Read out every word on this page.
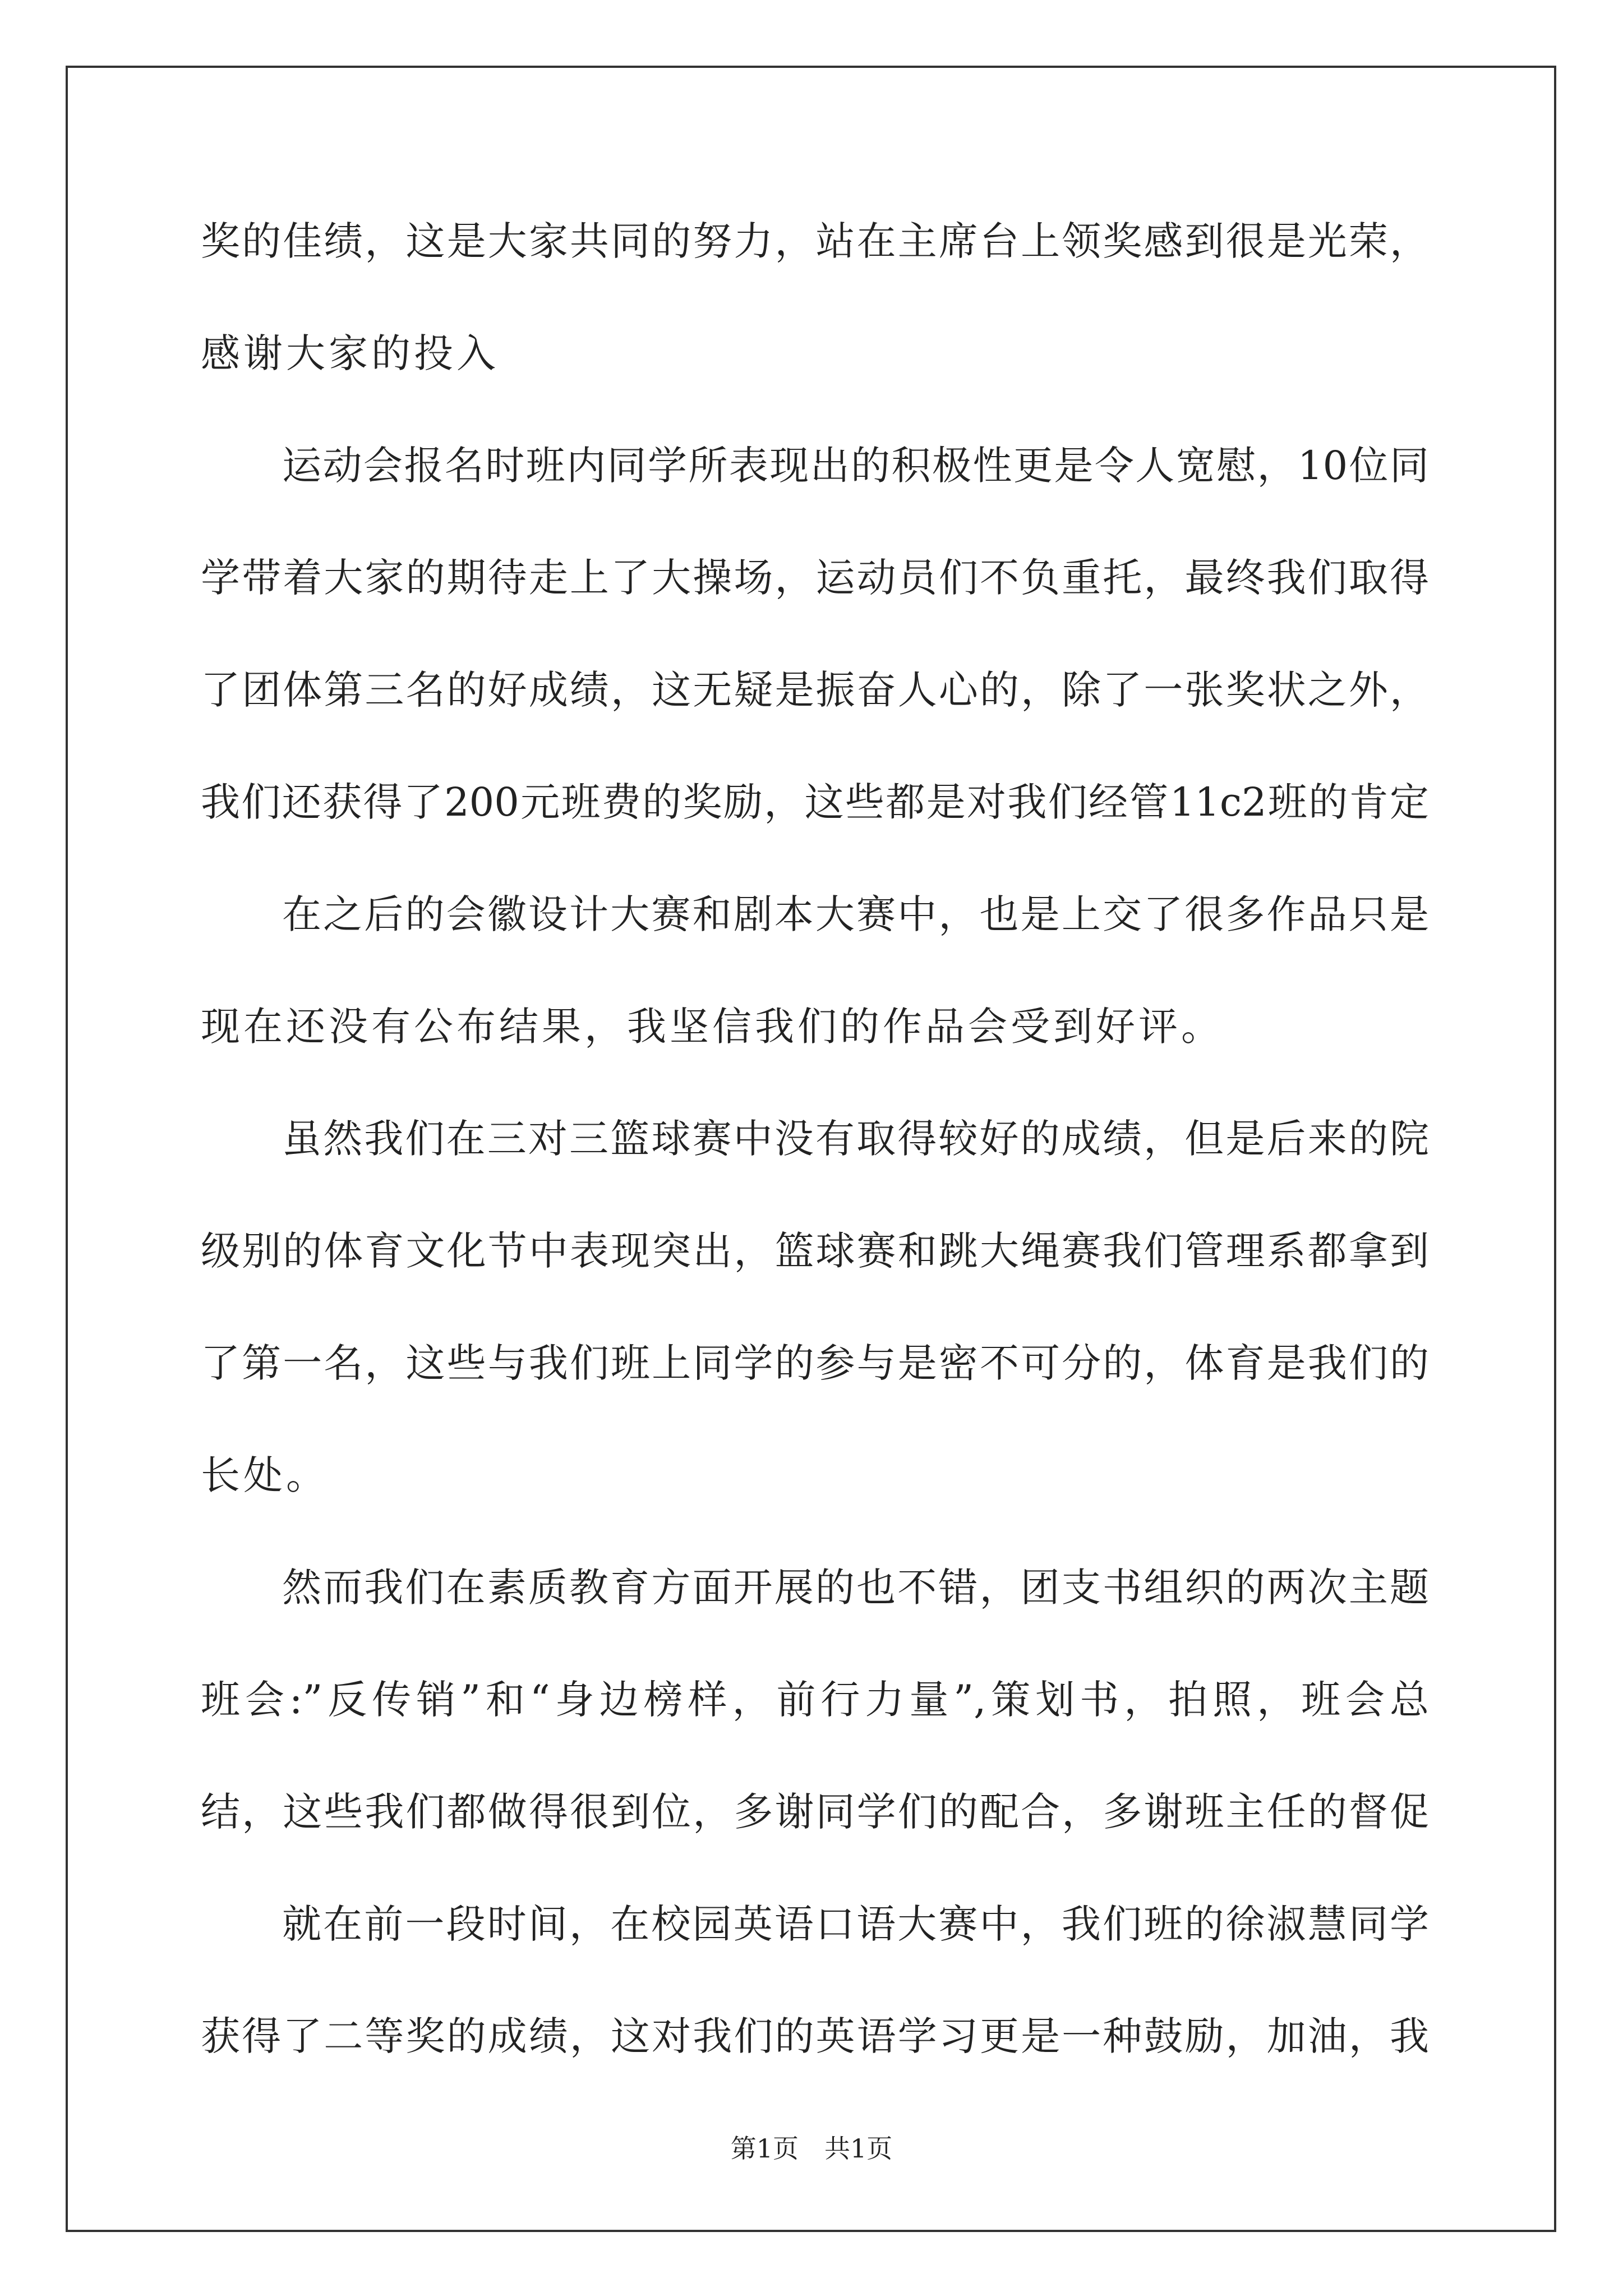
奖的佳绩，这是大家共同的努力，站在主席台上领奖感到很是光荣，
感谢大家的投入
运动会报名时班内同学所表现出的积极性更是令人宽慰，10位同
学带着大家的期待走上了大操场，运动员们不负重托，最终我们取得
了团体第三名的好成绩，这无疑是振奋人心的，除了一张奖状之外，
我们还获得了200元班费的奖励，这些都是对我们经管11c2班的肯定
在之后的会徽设计大赛和剧本大赛中，也是上交了很多作品只是
现在还没有公布结果，我坚信我们的作品会受到好评。
虽然我们在三对三篮球赛中没有取得较好的成绩，但是后来的院
级别的体育文化节中表现突出，篮球赛和跳大绳赛我们管理系都拿到
了第一名，这些与我们班上同学的参与是密不可分的，体育是我们的
长处。
然而我们在素质教育方面开展的也不错，团支书组织的两次主题
班会:”反传销”和“身边榜样，前行力量”,策划书，拍照，班会总
结，这些我们都做得很到位，多谢同学们的配合，多谢班主任的督促
就在前一段时间，在校园英语口语大赛中，我们班的徐淑慧同学
获得了二等奖的成绩，这对我们的英语学习更是一种鼓励，加油，我
第1页　共1页
